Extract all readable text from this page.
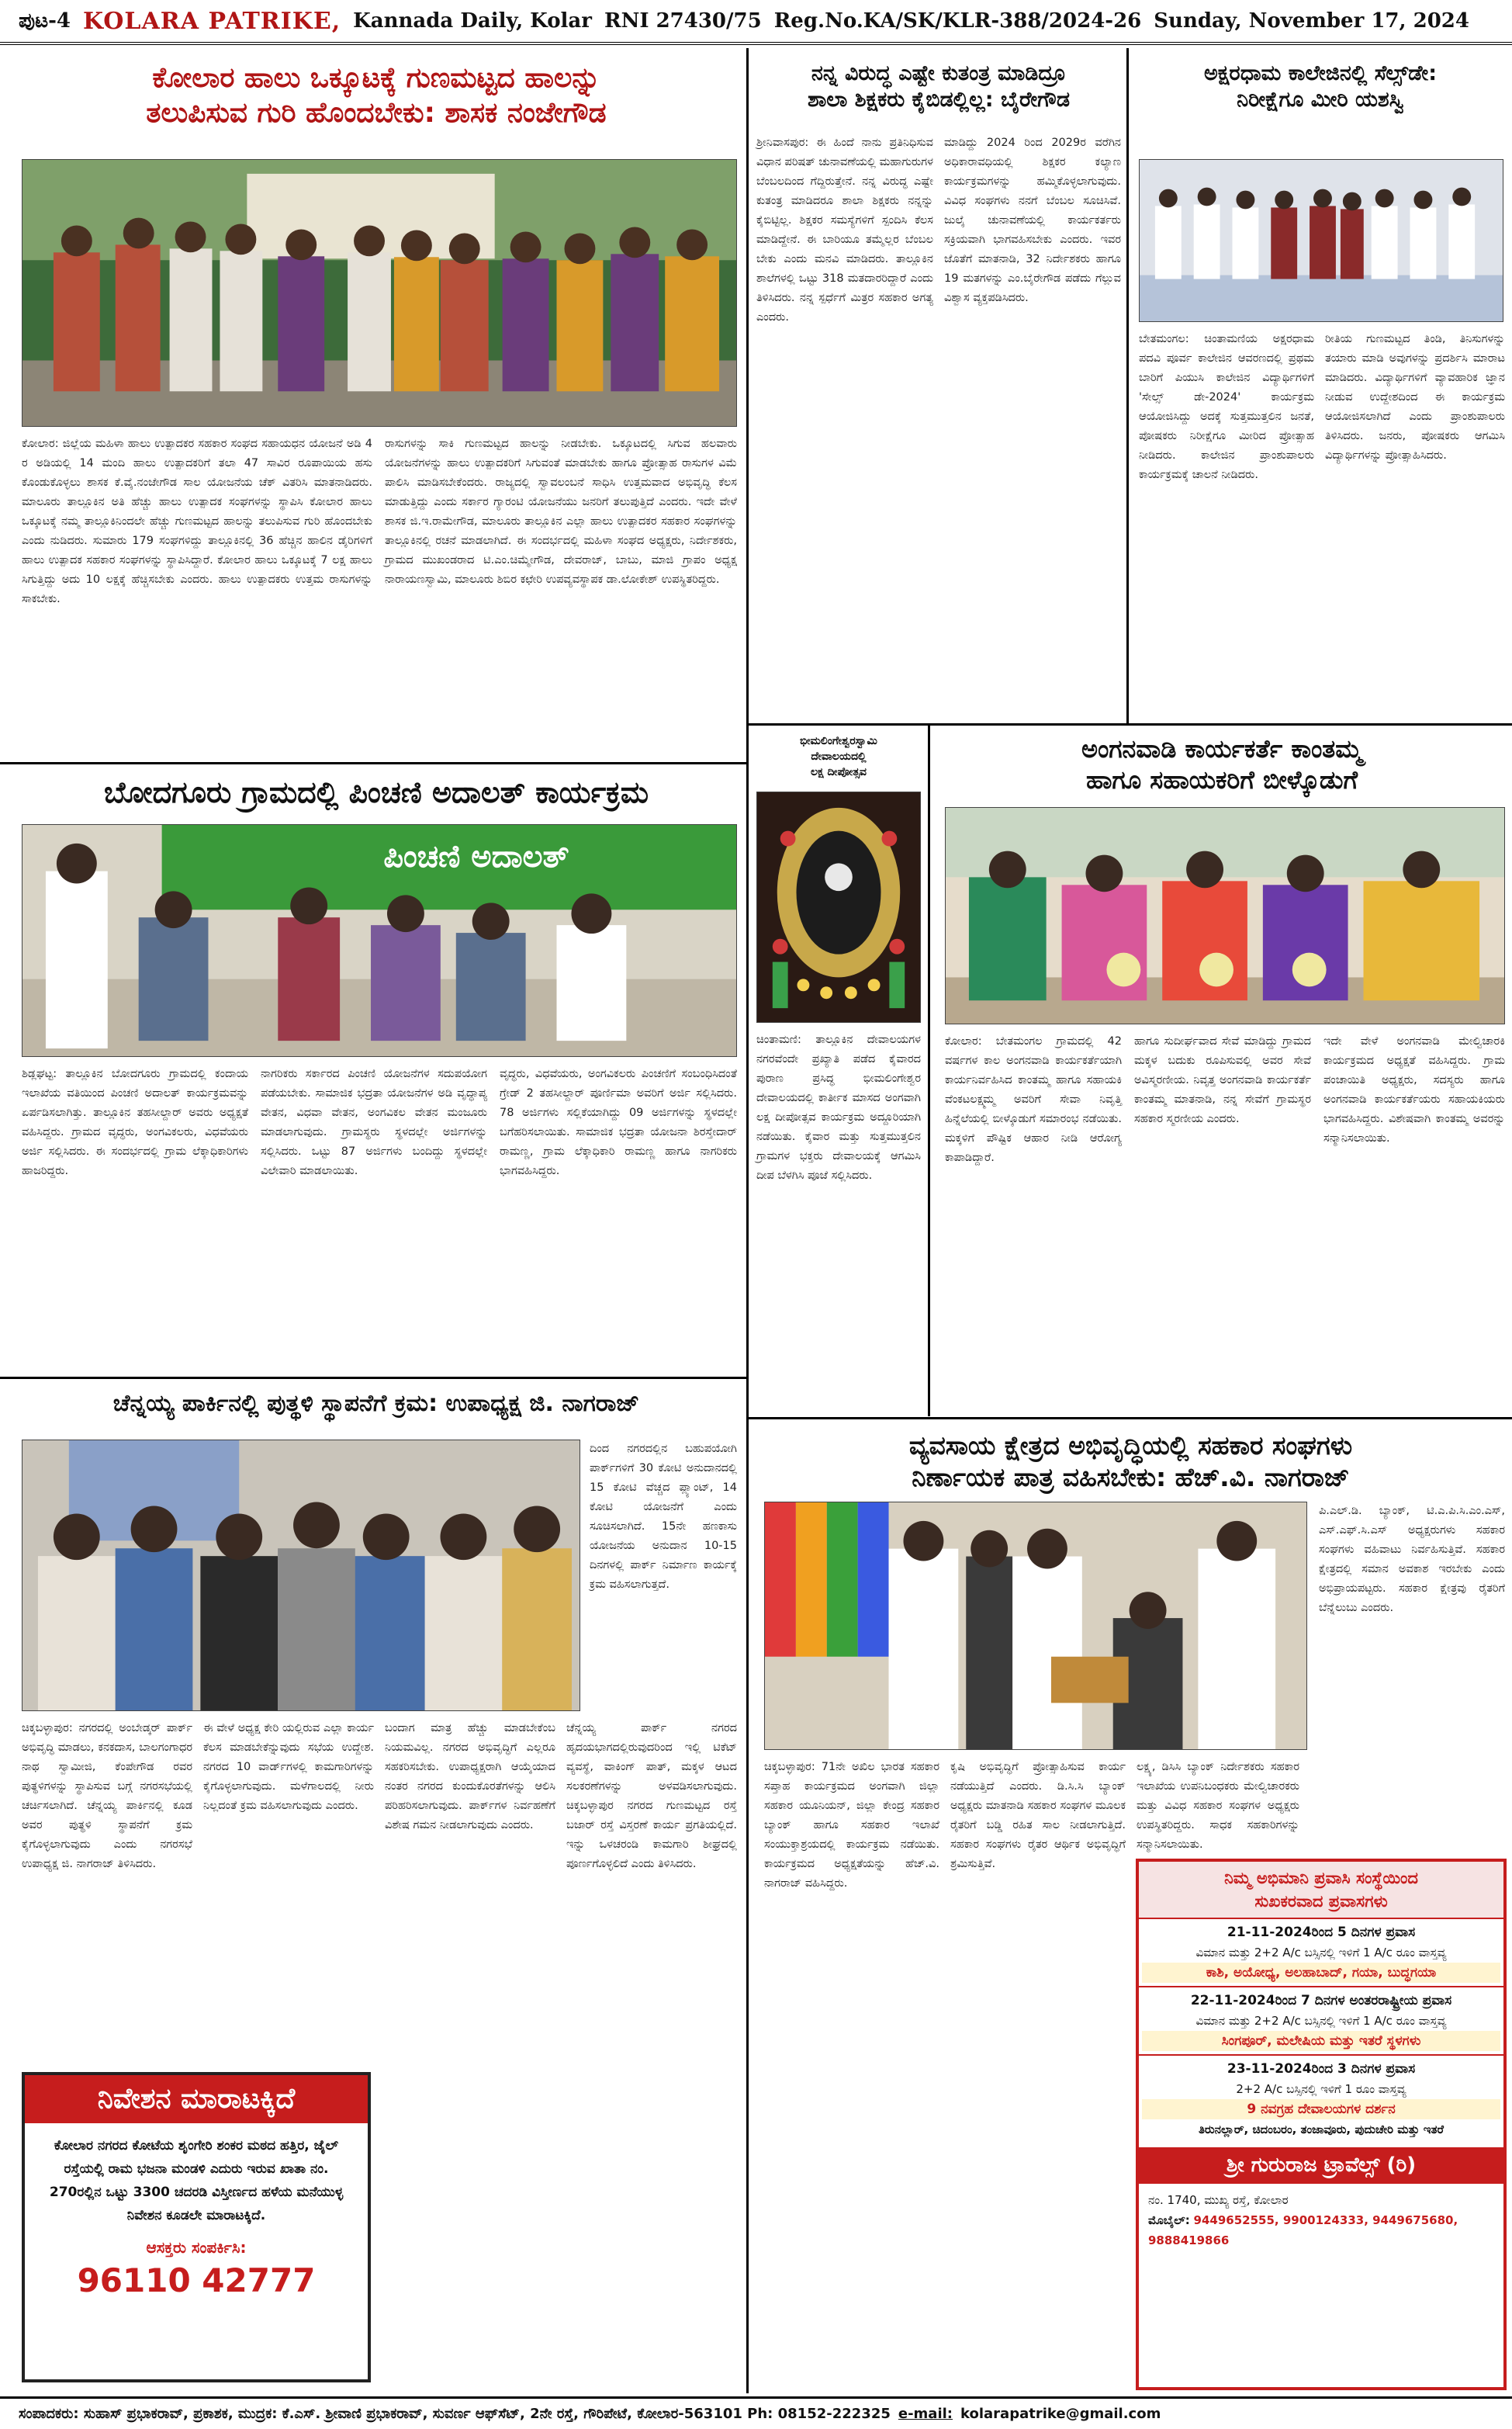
ಪುಟ-4 KOLARA PATRIKE, Kannada Daily, Kolar RNI 27430/75 Reg.No.KA/SK/KLR-388/2024-26 Sunday, November 17, 2024
ಕೋಲಾರ ಹಾಲು ಒಕ್ಕೂಟಕ್ಕೆ ಗುಣಮಟ್ಟದ ಹಾಲನ್ನು
ತಲುಪಿಸುವ ಗುರಿ ಹೊಂದಬೇಕು: ಶಾಸಕ ನಂಜೇಗೌಡ
ಕೋಲಾರ: ಜಿಲ್ಲೆಯ ಮಹಿಳಾ ಹಾಲು ಉತ್ಪಾದಕರ ಸಹಕಾರ ಸಂಘದ ಸಹಾಯಧನ ಯೋಜನೆ ಅಡಿ 4 ರ ಅಡಿಯಲ್ಲಿ 14 ಮಂದಿ ಹಾಲು ಉತ್ಪಾದಕರಿಗೆ ತಲಾ 47 ಸಾವಿರ ರೂಪಾಯಿಯ ಹಸು ಕೊಂಡುಕೊಳ್ಳಲು ಶಾಸಕ ಕೆ.ವೈ.ನಂಜೇಗೌಡ ಸಾಲ ಯೋಜನೆಯ ಚೆಕ್ ವಿತರಿಸಿ ಮಾತನಾಡಿದರು. ಮಾಲೂರು ತಾಲ್ಲೂಕಿನ ಅತಿ ಹೆಚ್ಚು ಹಾಲು ಉತ್ಪಾದಕ ಸಂಘಗಳನ್ನು ಸ್ಥಾಪಿಸಿ ಕೋಲಾರ ಹಾಲು ಒಕ್ಕೂಟಕ್ಕೆ ನಮ್ಮ ತಾಲ್ಲೂಕಿನಿಂದಲೇ ಹೆಚ್ಚು ಗುಣಮಟ್ಟದ ಹಾಲನ್ನು ತಲುಪಿಸುವ ಗುರಿ ಹೊಂದಬೇಕು ಎಂದು ನುಡಿದರು. ಸುಮಾರು 179 ಸಂಘಗಳಿದ್ದು ತಾಲ್ಲೂಕಿನಲ್ಲಿ 36 ಹೆಚ್ಚಿನ ಹಾಲಿನ ಡೈರಿಗಳಿಗೆ ಹಾಲು ಉತ್ಪಾದಕ ಸಹಕಾರ ಸಂಘಗಳನ್ನು ಸ್ಥಾಪಿಸಿದ್ದಾರೆ. ಕೋಲಾರ ಹಾಲು ಒಕ್ಕೂಟಕ್ಕೆ 7 ಲಕ್ಷ ಹಾಲು ಸಿಗುತ್ತಿದ್ದು ಅದು 10 ಲಕ್ಷಕ್ಕೆ ಹೆಚ್ಚಿಸಬೇಕು ಎಂದರು. ಹಾಲು ಉತ್ಪಾದಕರು ಉತ್ತಮ ರಾಸುಗಳನ್ನು ಸಾಕಬೇಕು.
ರಾಸುಗಳನ್ನು ಸಾಕಿ ಗುಣಮಟ್ಟದ ಹಾಲನ್ನು ನೀಡಬೇಕು. ಒಕ್ಕೂಟದಲ್ಲಿ ಸಿಗುವ ಹಲವಾರು ಯೋಜನೆಗಳನ್ನು ಹಾಲು ಉತ್ಪಾದಕರಿಗೆ ಸಿಗುವಂತೆ ಮಾಡಬೇಕು ಹಾಗೂ ಪ್ರೋತ್ಸಾಹ ರಾಸುಗಳ ವಿಮೆ ಪಾಲಿಸಿ ಮಾಡಿಸಬೇಕೆಂದರು. ರಾಜ್ಯದಲ್ಲಿ ಸ್ವಾವಲಂಬನೆ ಸಾಧಿಸಿ ಉತ್ತಮವಾದ ಅಭಿವೃದ್ಧಿ ಕೆಲಸ ಮಾಡುತ್ತಿದ್ದು ಎಂದು ಸರ್ಕಾರ ಗ್ಯಾರಂಟಿ ಯೋಜನೆಯು ಜನರಿಗೆ ತಲುಪುತ್ತಿದೆ ಎಂದರು. ಇದೇ ವೇಳೆ ಶಾಸಕ ಜಿ.ಇ.ರಾಮೇಗೌಡ, ಮಾಲೂರು ತಾಲ್ಲೂಕಿನ ಎಲ್ಲಾ ಹಾಲು ಉತ್ಪಾದಕರ ಸಹಕಾರ ಸಂಘಗಳನ್ನು ತಾಲ್ಲೂಕಿನಲ್ಲಿ ರಚನೆ ಮಾಡಲಾಗಿದೆ. ಈ ಸಂದರ್ಭದಲ್ಲಿ ಮಹಿಳಾ ಸಂಘದ ಅಧ್ಯಕ್ಷರು, ನಿರ್ದೇಶಕರು, ಗ್ರಾಮದ ಮುಖಂಡರಾದ ಟಿ.ಎಂ.ಚಿಮ್ಮೇಗೌಡ, ದೇವರಾಜ್, ಬಾಬು, ಮಾಜಿ ಗ್ರಾಪಂ ಅಧ್ಯಕ್ಷ ನಾರಾಯಣಸ್ವಾಮಿ, ಮಾಲೂರು ಶಿಬಿರ ಕಛೇರಿ ಉಪವ್ಯವಸ್ಥಾಪಕ ಡಾ.ಲೋಕೇಶ್ ಉಪಸ್ಥಿತರಿದ್ದರು.
ನನ್ನ ವಿರುದ್ಧ ಎಷ್ಟೇ ಕುತಂತ್ರ ಮಾಡಿದ್ರೂ
ಶಾಲಾ ಶಿಕ್ಷಕರು ಕೈಬಿಡಲ್ಲಿಲ್ಲ: ಬೈರೇಗೌಡ
ಶ್ರೀನಿವಾಸಪುರ: ಈ ಹಿಂದೆ ನಾನು ಪ್ರತಿನಿಧಿಸುವ ವಿಧಾನ ಪರಿಷತ್ ಚುನಾವಣೆಯಲ್ಲಿ ಮಹಾಗುರುಗಳ ಬೆಂಬಲದಿಂದ ಗೆದ್ದಿರುತ್ತೇನೆ. ನನ್ನ ವಿರುದ್ಧ ಎಷ್ಟೇ ಕುತಂತ್ರ ಮಾಡಿದರೂ ಶಾಲಾ ಶಿಕ್ಷಕರು ನನ್ನನ್ನು ಕೈಬಿಟ್ಟಿಲ್ಲ. ಶಿಕ್ಷಕರ ಸಮಸ್ಯೆಗಳಿಗೆ ಸ್ಪಂದಿಸಿ ಕೆಲಸ ಮಾಡಿದ್ದೇನೆ. ಈ ಬಾರಿಯೂ ತಮ್ಮೆಲ್ಲರ ಬೆಂಬಲ ಬೇಕು ಎಂದು ಮನವಿ ಮಾಡಿದರು. ತಾಲ್ಲೂಕಿನ ಶಾಲೆಗಳಲ್ಲಿ ಒಟ್ಟು 318 ಮತದಾರರಿದ್ದಾರೆ ಎಂದು ತಿಳಿಸಿದರು. ನನ್ನ ಸ್ಪರ್ಧೆಗೆ ಮಿತ್ರರ ಸಹಕಾರ ಅಗತ್ಯ ಎಂದರು.
ಮಾಡಿದ್ದು 2024 ರಿಂದ 2029ರ ವರೆಗಿನ ಅಧಿಕಾರಾವಧಿಯಲ್ಲಿ ಶಿಕ್ಷಕರ ಕಲ್ಯಾಣ ಕಾರ್ಯಕ್ರಮಗಳನ್ನು ಹಮ್ಮಿಕೊಳ್ಳಲಾಗುವುದು. ವಿವಿಧ ಸಂಘಗಳು ನನಗೆ ಬೆಂಬಲ ಸೂಚಿಸಿವೆ. ಜುಲೈ ಚುನಾವಣೆಯಲ್ಲಿ ಕಾರ್ಯಕರ್ತರು ಸಕ್ರಿಯವಾಗಿ ಭಾಗವಹಿಸಬೇಕು ಎಂದರು. ಇವರ ಜೊತೆಗೆ ಮಾತನಾಡಿ, 32 ನಿರ್ದೇಶಕರು ಹಾಗೂ 19 ಮತಗಳನ್ನು ಎಂ.ಬೈರೇಗೌಡ ಪಡೆದು ಗೆಲ್ಲುವ ವಿಶ್ವಾಸ ವ್ಯಕ್ತಪಡಿಸಿದರು.
ಅಕ್ಷರಧಾಮ ಕಾಲೇಜಿನಲ್ಲಿ ಸೆಲ್ಸ್‌ಡೇ:
ನಿರೀಕ್ಷೆಗೂ ಮೀರಿ ಯಶಸ್ವಿ
ಬೇತಮಂಗಲ: ಚಿಂತಾಮಣಿಯ ಅಕ್ಷರಧಾಮ ಪದವಿ ಪೂರ್ವ ಕಾಲೇಜಿನ ಆವರಣದಲ್ಲಿ ಪ್ರಥಮ ಬಾರಿಗೆ ಪಿಯುಸಿ ಕಾಲೇಜಿನ ವಿದ್ಯಾರ್ಥಿಗಳಿಗೆ 'ಸೇಲ್ಸ್ ಡೇ-2024' ಕಾರ್ಯಕ್ರಮ ಆಯೋಜಿಸಿದ್ದು ಅದಕ್ಕೆ ಸುತ್ತಮುತ್ತಲಿನ ಜನತೆ, ಪೋಷಕರು ನಿರೀಕ್ಷೆಗೂ ಮೀರಿದ ಪ್ರೋತ್ಸಾಹ ನೀಡಿದರು. ಕಾಲೇಜಿನ ಪ್ರಾಂಶುಪಾಲರು ಕಾರ್ಯಕ್ರಮಕ್ಕೆ ಚಾಲನೆ ನೀಡಿದರು.
ರೀತಿಯ ಗುಣಮಟ್ಟದ ತಿಂಡಿ, ತಿನಿಸುಗಳನ್ನು ತಯಾರು ಮಾಡಿ ಅವುಗಳನ್ನು ಪ್ರದರ್ಶಿಸಿ ಮಾರಾಟ ಮಾಡಿದರು. ವಿದ್ಯಾರ್ಥಿಗಳಿಗೆ ವ್ಯಾವಹಾರಿಕ ಜ್ಞಾನ ನೀಡುವ ಉದ್ದೇಶದಿಂದ ಈ ಕಾರ್ಯಕ್ರಮ ಆಯೋಜಿಸಲಾಗಿದೆ ಎಂದು ಪ್ರಾಂಶುಪಾಲರು ತಿಳಿಸಿದರು. ಜನರು, ಪೋಷಕರು ಆಗಮಿಸಿ ವಿದ್ಯಾರ್ಥಿಗಳನ್ನು ಪ್ರೋತ್ಸಾಹಿಸಿದರು.
ಬೋದಗೂರು ಗ್ರಾಮದಲ್ಲಿ ಪಿಂಚಣಿ ಅದಾಲತ್ ಕಾರ್ಯಕ್ರಮ
ಪಿಂಚಣಿ ಅದಾಲತ್
ಶಿಡ್ಲಘಟ್ಟ: ತಾಲ್ಲೂಕಿನ ಬೋದಗೂರು ಗ್ರಾಮದಲ್ಲಿ ಕಂದಾಯ ಇಲಾಖೆಯ ವತಿಯಿಂದ ಪಿಂಚಣಿ ಅದಾಲತ್ ಕಾರ್ಯಕ್ರಮವನ್ನು ಏರ್ಪಡಿಸಲಾಗಿತ್ತು. ತಾಲ್ಲೂಕಿನ ತಹಸೀಲ್ದಾರ್ ಅವರು ಅಧ್ಯಕ್ಷತೆ ವಹಿಸಿದ್ದರು. ಗ್ರಾಮದ ವೃದ್ಧರು, ಅಂಗವಿಕಲರು, ವಿಧವೆಯರು ಅರ್ಜಿ ಸಲ್ಲಿಸಿದರು. ಈ ಸಂದರ್ಭದಲ್ಲಿ ಗ್ರಾಮ ಲೆಕ್ಕಾಧಿಕಾರಿಗಳು ಹಾಜರಿದ್ದರು.
ನಾಗರಿಕರು ಸರ್ಕಾರದ ಪಿಂಚಣಿ ಯೋಜನೆಗಳ ಸದುಪಯೋಗ ಪಡೆಯಬೇಕು. ಸಾಮಾಜಿಕ ಭದ್ರತಾ ಯೋಜನೆಗಳ ಅಡಿ ವೃದ್ಧಾಪ್ಯ ವೇತನ, ವಿಧವಾ ವೇತನ, ಅಂಗವಿಕಲ ವೇತನ ಮಂಜೂರು ಮಾಡಲಾಗುವುದು. ಗ್ರಾಮಸ್ಥರು ಸ್ಥಳದಲ್ಲೇ ಅರ್ಜಿಗಳನ್ನು ಸಲ್ಲಿಸಿದರು. ಒಟ್ಟು 87 ಅರ್ಜಿಗಳು ಬಂದಿದ್ದು ಸ್ಥಳದಲ್ಲೇ ವಿಲೇವಾರಿ ಮಾಡಲಾಯಿತು.
ವೃದ್ಧರು, ವಿಧವೆಯರು, ಅಂಗವಿಕಲರು ಪಿಂಚಣಿಗೆ ಸಂಬಂಧಿಸಿದಂತೆ ಗ್ರೇಡ್ 2 ತಹಸೀಲ್ದಾರ್ ಪೂರ್ಣಿಮಾ ಅವರಿಗೆ ಅರ್ಜಿ ಸಲ್ಲಿಸಿದರು. 78 ಅರ್ಜಿಗಳು ಸಲ್ಲಿಕೆಯಾಗಿದ್ದು 09 ಅರ್ಜಿಗಳನ್ನು ಸ್ಥಳದಲ್ಲೇ ಬಗೆಹರಿಸಲಾಯಿತು. ಸಾಮಾಜಿಕ ಭದ್ರತಾ ಯೋಜನಾ ಶಿರಸ್ತೇದಾರ್ ರಾಮಣ್ಣ, ಗ್ರಾಮ ಲೆಕ್ಕಾಧಿಕಾರಿ ರಾಮಣ್ಣ ಹಾಗೂ ನಾಗರಿಕರು ಭಾಗವಹಿಸಿದ್ದರು.
ಚೆನ್ನಯ್ಯ ಪಾರ್ಕಿನಲ್ಲಿ ಪುತ್ಥಳಿ ಸ್ಥಾಪನೆಗೆ ಕ್ರಮ: ಉಪಾಧ್ಯಕ್ಷ ಜಿ. ನಾಗರಾಜ್
ದಿಂದ ನಗರದಲ್ಲಿನ ಬಹುಪಯೋಗಿ ಪಾರ್ಕ್‌ಗಳಿಗೆ 30 ಕೋಟಿ ಅನುದಾನದಲ್ಲಿ 15 ಕೋಟಿ ವೆಚ್ಚದ ಪ್ಲ್ಯಾಂಟ್‌, 14 ಕೋಟಿ ಯೋಜನೆಗೆ ಎಂದು ಸೂಚಿಸಲಾಗಿದೆ. 15ನೇ ಹಣಕಾಸು ಯೋಜನೆಯ ಅನುದಾನ 10-15 ದಿನಗಳಲ್ಲಿ ಪಾರ್ಕ್ ನಿರ್ಮಾಣ ಕಾರ್ಯಕ್ಕೆ ಕ್ರಮ ವಹಿಸಲಾಗುತ್ತದೆ.
ಚಿಕ್ಕಬಳ್ಳಾಪುರ: ನಗರದಲ್ಲಿ ಅಂಬೇಡ್ಕರ್ ಪಾರ್ಕ್ ಅಭಿವೃದ್ಧಿ ಮಾಡಲು, ಕನಕದಾಸ, ಬಾಲಗಂಗಾಧರ ನಾಥ ಸ್ವಾಮೀಜಿ, ಕೆಂಪೇಗೌಡ ರವರ ಪುತ್ಥಳಿಗಳನ್ನು ಸ್ಥಾಪಿಸುವ ಬಗ್ಗೆ ನಗರಸಭೆಯಲ್ಲಿ ಚರ್ಚಿಸಲಾಗಿದೆ. ಚೆನ್ನಯ್ಯ ಪಾರ್ಕಿನಲ್ಲಿ ಕೂಡ ಅವರ ಪುತ್ಥಳಿ ಸ್ಥಾಪನೆಗೆ ಕ್ರಮ ಕೈಗೊಳ್ಳಲಾಗುವುದು ಎಂದು ನಗರಸಭೆ ಉಪಾಧ್ಯಕ್ಷ ಜಿ. ನಾಗರಾಜ್ ತಿಳಿಸಿದರು.
ಈ ವೇಳೆ ಅಧ್ಯಕ್ಷ ಕೇರಿ ಯಲ್ಲಿರುವ ಎಲ್ಲಾ ಕಾರ್ಯ ಕೆಲಸ ಮಾಡಬೇಕೆನ್ನುವುದು ಸಭೆಯ ಉದ್ದೇಶ. ನಗರದ 10 ವಾರ್ಡ್‌ಗಳಲ್ಲಿ ಕಾಮಗಾರಿಗಳನ್ನು ಕೈಗೊಳ್ಳಲಾಗುವುದು. ಮಳೆಗಾಲದಲ್ಲಿ ನೀರು ನಿಲ್ಲದಂತೆ ಕ್ರಮ ವಹಿಸಲಾಗುವುದು ಎಂದರು.
ಬಂದಾಗ ಮಾತ್ರ ಹೆಚ್ಚು ಮಾಡಬೇಕೆಂಬ ನಿಯಮವಿಲ್ಲ. ನಗರದ ಅಭಿವೃದ್ಧಿಗೆ ಎಲ್ಲರೂ ಸಹಕರಿಸಬೇಕು. ಉಪಾಧ್ಯಕ್ಷರಾಗಿ ಆಯ್ಕೆಯಾದ ನಂತರ ನಗರದ ಕುಂದುಕೊರತೆಗಳನ್ನು ಆಲಿಸಿ ಪರಿಹರಿಸಲಾಗುವುದು. ಪಾರ್ಕ್‌ಗಳ ನಿರ್ವಹಣೆಗೆ ವಿಶೇಷ ಗಮನ ನೀಡಲಾಗುವುದು ಎಂದರು.
ಚೆನ್ನಯ್ಯ ಪಾರ್ಕ್ ನಗರದ ಹೃದಯಭಾಗದಲ್ಲಿರುವುದರಿಂದ ಇಲ್ಲಿ ಟಿಕೆಟ್ ವ್ಯವಸ್ಥೆ, ವಾಕಿಂಗ್ ಪಾತ್, ಮಕ್ಕಳ ಆಟದ ಸಲಕರಣೆಗಳನ್ನು ಅಳವಡಿಸಲಾಗುವುದು. ಚಿಕ್ಕಬಳ್ಳಾಪುರ ನಗರದ ಗುಣಮಟ್ಟದ ರಸ್ತೆ ಬಜಾರ್ ರಸ್ತೆ ವಿಸ್ತರಣೆ ಕಾರ್ಯ ಪ್ರಗತಿಯಲ್ಲಿದೆ. ಇನ್ನು ಒಳಚರಂಡಿ ಕಾಮಗಾರಿ ಶೀಘ್ರದಲ್ಲಿ ಪೂರ್ಣಗೊಳ್ಳಲಿದೆ ಎಂದು ತಿಳಿಸಿದರು.
ನಿವೇಶನ ಮಾರಾಟಕ್ಕಿದೆ
ಕೋಲಾರ ನಗರದ ಕೋಟೆಯ ಶೃಂಗೇರಿ ಶಂಕರ ಮಠದ ಹತ್ತಿರ, ಜೈಲ್ ರಸ್ತೆಯಲ್ಲಿ ರಾಮ ಭಜನಾ ಮಂಡಳಿ ಎದುರು ಇರುವ ಖಾತಾ ನಂ. 270ರಲ್ಲಿನ ಒಟ್ಟು 3300 ಚದರಡಿ ವಿಸ್ತೀರ್ಣದ ಹಳೆಯ ಮನೆಯುಳ್ಳ ನಿವೇಶನ ಕೂಡಲೇ ಮಾರಾಟಕ್ಕಿದೆ.
ಆಸಕ್ತರು ಸಂಪರ್ಕಿಸಿ:
96110 42777
ಭೀಮಲಿಂಗೇಶ್ವರಸ್ವಾಮಿ
ದೇವಾಲಯದಲ್ಲಿ
ಲಕ್ಷ ದೀಪೋತ್ಸವ
ಚಿಂತಾಮಣಿ: ತಾಲ್ಲೂಕಿನ ದೇವಾಲಯಗಳ ನಗರವೆಂದೇ ಪ್ರಖ್ಯಾತಿ ಪಡೆದ ಕೈವಾರದ ಪುರಾಣ ಪ್ರಸಿದ್ಧ ಭೀಮಲಿಂಗೇಶ್ವರ ದೇವಾಲಯದಲ್ಲಿ ಕಾರ್ತೀಕ ಮಾಸದ ಅಂಗವಾಗಿ ಲಕ್ಷ ದೀಪೋತ್ಸವ ಕಾರ್ಯಕ್ರಮ ಅದ್ದೂರಿಯಾಗಿ ನಡೆಯಿತು. ಕೈವಾರ ಮತ್ತು ಸುತ್ತಮುತ್ತಲಿನ ಗ್ರಾಮಗಳ ಭಕ್ತರು ದೇವಾಲಯಕ್ಕೆ ಆಗಮಿಸಿ ದೀಪ ಬೆಳಗಿಸಿ ಪೂಜೆ ಸಲ್ಲಿಸಿದರು.
ಅಂಗನವಾಡಿ ಕಾರ್ಯಕರ್ತೆ ಕಾಂತಮ್ಮ
ಹಾಗೂ ಸಹಾಯಕರಿಗೆ ಬೀಳ್ಕೊಡುಗೆ
ಕೋಲಾರ: ಬೇತಮಂಗಲ ಗ್ರಾಮದಲ್ಲಿ 42 ವರ್ಷಗಳ ಕಾಲ ಅಂಗನವಾಡಿ ಕಾರ್ಯಕರ್ತೆಯಾಗಿ ಕಾರ್ಯನಿರ್ವಹಿಸಿದ ಕಾಂತಮ್ಮ ಹಾಗೂ ಸಹಾಯಕಿ ವೆಂಕಟಲಕ್ಷ್ಮಮ್ಮ ಅವರಿಗೆ ಸೇವಾ ನಿವೃತ್ತಿ ಹಿನ್ನೆಲೆಯಲ್ಲಿ ಬೀಳ್ಕೊಡುಗೆ ಸಮಾರಂಭ ನಡೆಯಿತು. ಮಕ್ಕಳಿಗೆ ಪೌಷ್ಟಿಕ ಆಹಾರ ನೀಡಿ ಆರೋಗ್ಯ ಕಾಪಾಡಿದ್ದಾರೆ.
ಹಾಗೂ ಸುದೀರ್ಘವಾದ ಸೇವೆ ಮಾಡಿದ್ದು ಗ್ರಾಮದ ಮಕ್ಕಳ ಬದುಕು ರೂಪಿಸುವಲ್ಲಿ ಅವರ ಸೇವೆ ಅವಿಸ್ಮರಣೀಯ. ನಿವೃತ್ತ ಅಂಗನವಾಡಿ ಕಾರ್ಯಕರ್ತೆ ಕಾಂತಮ್ಮ ಮಾತನಾಡಿ, ನನ್ನ ಸೇವೆಗೆ ಗ್ರಾಮಸ್ಥರ ಸಹಕಾರ ಸ್ಮರಣೀಯ ಎಂದರು.
ಇದೇ ವೇಳೆ ಅಂಗನವಾಡಿ ಮೇಲ್ವಿಚಾರಕಿ ಕಾರ್ಯಕ್ರಮದ ಅಧ್ಯಕ್ಷತೆ ವಹಿಸಿದ್ದರು. ಗ್ರಾಮ ಪಂಚಾಯಿತಿ ಅಧ್ಯಕ್ಷರು, ಸದಸ್ಯರು ಹಾಗೂ ಅಂಗನವಾಡಿ ಕಾರ್ಯಕರ್ತೆಯರು ಸಹಾಯಕಿಯರು ಭಾಗವಹಿಸಿದ್ದರು. ವಿಶೇಷವಾಗಿ ಕಾಂತಮ್ಮ ಅವರನ್ನು ಸನ್ಮಾನಿಸಲಾಯಿತು.
ವ್ಯವಸಾಯ ಕ್ಷೇತ್ರದ ಅಭಿವೃದ್ಧಿಯಲ್ಲಿ ಸಹಕಾರ ಸಂಘಗಳು
ನಿರ್ಣಾಯಕ ಪಾತ್ರ ವಹಿಸಬೇಕು: ಹೆಚ್.ವಿ. ನಾಗರಾಜ್
ಪಿ.ಎಲ್.ಡಿ. ಬ್ಯಾಂಕ್, ಟಿ.ಎ.ಪಿ.ಸಿ.ಎಂ.ಎಸ್, ಎಸ್.ಎಫ್.ಸಿ.ಎಸ್ ಅಧ್ಯಕ್ಷರುಗಳು ಸಹಕಾರ ಸಂಘಗಳು ವಹಿವಾಟು ನಿರ್ವಹಿಸುತ್ತಿವೆ. ಸಹಕಾರ ಕ್ಷೇತ್ರದಲ್ಲಿ ಸಮಾನ ಅವಕಾಶ ಇರಬೇಕು ಎಂದು ಅಭಿಪ್ರಾಯಪಟ್ಟರು. ಸಹಕಾರ ಕ್ಷೇತ್ರವು ರೈತರಿಗೆ ಬೆನ್ನೆಲುಬು ಎಂದರು.
ಚಿಕ್ಕಬಳ್ಳಾಪುರ: 71ನೇ ಅಖಿಲ ಭಾರತ ಸಹಕಾರ ಸಪ್ತಾಹ ಕಾರ್ಯಕ್ರಮದ ಅಂಗವಾಗಿ ಜಿಲ್ಲಾ ಸಹಕಾರ ಯೂನಿಯನ್, ಜಿಲ್ಲಾ ಕೇಂದ್ರ ಸಹಕಾರ ಬ್ಯಾಂಕ್ ಹಾಗೂ ಸಹಕಾರ ಇಲಾಖೆ ಸಂಯುಕ್ತಾಶ್ರಯದಲ್ಲಿ ಕಾರ್ಯಕ್ರಮ ನಡೆಯಿತು. ಕಾರ್ಯಕ್ರಮದ ಅಧ್ಯಕ್ಷತೆಯನ್ನು ಹೆಚ್.ವಿ. ನಾಗರಾಜ್ ವಹಿಸಿದ್ದರು.
ಕೃಷಿ ಅಭಿವೃದ್ಧಿಗೆ ಪ್ರೋತ್ಸಾಹಿಸುವ ಕಾರ್ಯ ನಡೆಯುತ್ತಿದೆ ಎಂದರು. ಡಿ.ಸಿ.ಸಿ ಬ್ಯಾಂಕ್ ಅಧ್ಯಕ್ಷರು ಮಾತನಾಡಿ ಸಹಕಾರ ಸಂಘಗಳ ಮೂಲಕ ರೈತರಿಗೆ ಬಡ್ಡಿ ರಹಿತ ಸಾಲ ನೀಡಲಾಗುತ್ತಿದೆ. ಸಹಕಾರ ಸಂಘಗಳು ರೈತರ ಆರ್ಥಿಕ ಅಭಿವೃದ್ಧಿಗೆ ಶ್ರಮಿಸುತ್ತಿವೆ.
ಲಕ್ಷ್ಯ, ಡಿಸಿಸಿ ಬ್ಯಾಂಕ್ ನಿರ್ದೇಶಕರು ಸಹಕಾರ ಇಲಾಖೆಯ ಉಪನಿಬಂಧಕರು ಮೇಲ್ವಿಚಾರಕರು ಮತ್ತು ವಿವಿಧ ಸಹಕಾರ ಸಂಘಗಳ ಅಧ್ಯಕ್ಷರು ಉಪಸ್ಥಿತರಿದ್ದರು. ಸಾಧಕ ಸಹಕಾರಿಗಳನ್ನು ಸನ್ಮಾನಿಸಲಾಯಿತು.
ನಿಮ್ಮ ಅಭಿಮಾನಿ ಪ್ರವಾಸಿ ಸಂಸ್ಥೆಯಿಂದ
ಸುಖಕರವಾದ ಪ್ರವಾಸಗಳು
21-11-2024ರಿಂದ 5 ದಿನಗಳ ಪ್ರವಾಸ
ವಿಮಾನ ಮತ್ತು 2+2 A/c ಬಸ್ಸಿನಲ್ಲಿ ಇಳಿಗೆ 1 A/c ರೂಂ ವಾಸ್ತವ್ಯ
ಕಾಶಿ, ಅಯೋಧ್ಯ, ಅಲಹಾಬಾದ್, ಗಯಾ, ಬುದ್ಧಗಯಾ
22-11-2024ರಿಂದ 7 ದಿನಗಳ ಅಂತರರಾಷ್ಟ್ರೀಯ ಪ್ರವಾಸ
ವಿಮಾನ ಮತ್ತು 2+2 A/c ಬಸ್ಸಿನಲ್ಲಿ ಇಳಿಗೆ 1 A/c ರೂಂ ವಾಸ್ತವ್ಯ
ಸಿಂಗಪೂರ್, ಮಲೇಷಿಯ ಮತ್ತು ಇತರೆ ಸ್ಥಳಗಳು
23-11-2024ರಿಂದ 3 ದಿನಗಳ ಪ್ರವಾಸ
2+2 A/c ಬಸ್ಸಿನಲ್ಲಿ ಇಳಿಗೆ 1 ರೂಂ ವಾಸ್ತವ್ಯ
9 ನವಗ್ರಹ ದೇವಾಲಯಗಳ ದರ್ಶನ
ತಿರುನಲ್ಲಾರ್, ಚಿದಂಬರಂ, ತಂಜಾವೂರು, ಪುದುಚೇರಿ ಮತ್ತು ಇತರೆ
ಶ್ರೀ ಗುರುರಾಜ ಟ್ರಾವೆಲ್ಸ್ (ರಿ)
ನಂ. 1740, ಮುಖ್ಯ ರಸ್ತೆ, ಕೋಲಾರ
ಮೊಬೈಲ್: 9449652555, 9900124333, 9449675680, 9888419866
ಸಂಪಾದಕರು: ಸುಹಾಸ್ ಪ್ರಭಾಕರಾವ್, ಪ್ರಕಾಶಕ, ಮುದ್ರಕ: ಕೆ.ಎಸ್. ಶ್ರೀವಾಣಿ ಪ್ರಭಾಕರಾವ್, ಸುವರ್ಣ ಆಫ್‌ಸೆಟ್, 2ನೇ ರಸ್ತೆ, ಗೌರಿಪೇಟೆ, ಕೋಲಾರ-563101 Ph: 08152-222325 e-mail: kolarapatrike@gmail.com
